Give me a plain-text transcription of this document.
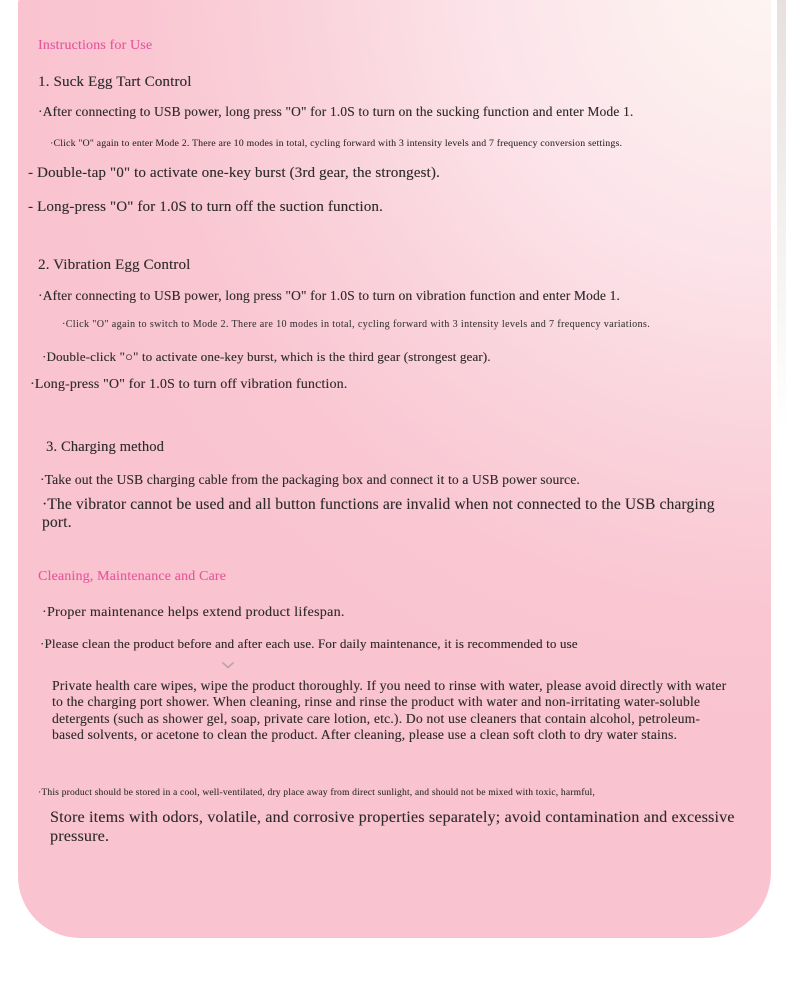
Instructions for Use
1. Suck Egg Tart Control
·After connecting to USB power, long press "O" for 1.0S to turn on the sucking function and enter Mode 1.
·Click "O" again to enter Mode 2. There are 10 modes in total, cycling forward with 3 intensity levels and 7 frequency conversion settings.
- Double-tap "0" to activate one-key burst (3rd gear, the strongest).
- Long-press "O" for 1.0S to turn off the suction function.
2. Vibration Egg Control
·After connecting to USB power, long press "O" for 1.0S to turn on vibration function and enter Mode 1.
·Click "O" again to switch to Mode 2. There are 10 modes in total, cycling forward with 3 intensity levels and 7 frequency variations.
·Double-click "○" to activate one-key burst, which is the third gear (strongest gear).
·Long-press "O" for 1.0S to turn off vibration function.
3. Charging method
·Take out the USB charging cable from the packaging box and connect it to a USB power source.
·The vibrator cannot be used and all button functions are invalid when not connected to the USB charging port.
Cleaning, Maintenance and Care
·Proper maintenance helps extend product lifespan.
·Please clean the product before and after each use. For daily maintenance, it is recommended to use
Private health care wipes, wipe the product thoroughly. If you need to rinse with water, please avoid directly with water to the charging port shower. When cleaning, rinse and rinse the product with water and non-irritating water-soluble detergents (such as shower gel, soap, private care lotion, etc.). Do not use cleaners that contain alcohol, petroleum-based solvents, or acetone to clean the product. After cleaning, please use a clean soft cloth to dry water stains.
·This product should be stored in a cool, well-ventilated, dry place away from direct sunlight, and should not be mixed with toxic, harmful,
Store items with odors, volatile, and corrosive properties separately; avoid contamination and excessive pressure.
